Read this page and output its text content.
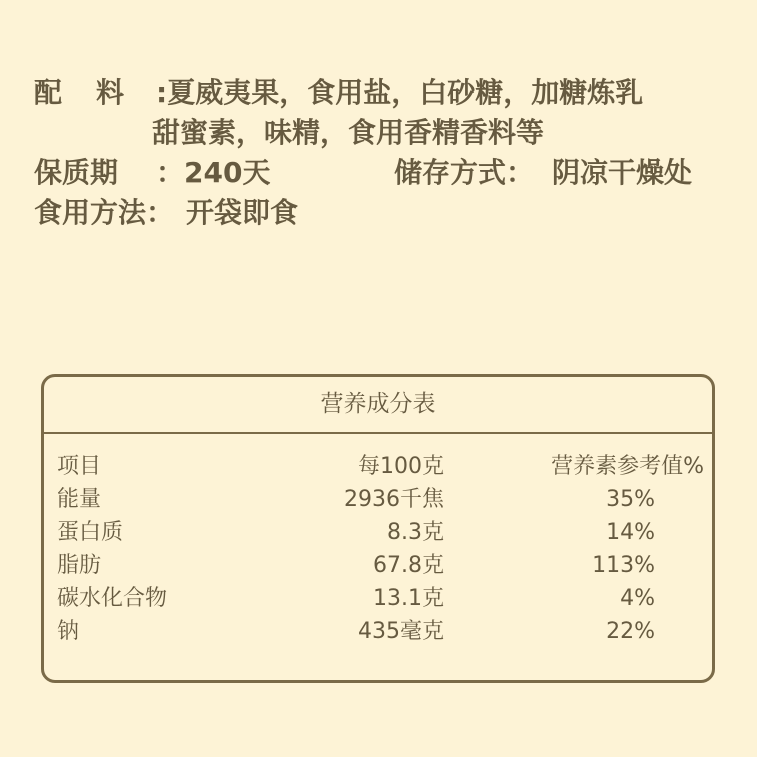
配料
:夏威夷果，食用盐，白砂糖，加糖炼乳
甜蜜素，味精，食用香精香料等
保质期 ：240天	储存方式： 阴凉干燥处
食用方法： 开袋即食
营养成分表
项目	每100克	营养素参考值%
能量	2936千焦	35%
蛋白质	8.3克	14%
脂肪	67.8克	113%
碳水化合物	13.1克	4%
钠	435毫克	22%
